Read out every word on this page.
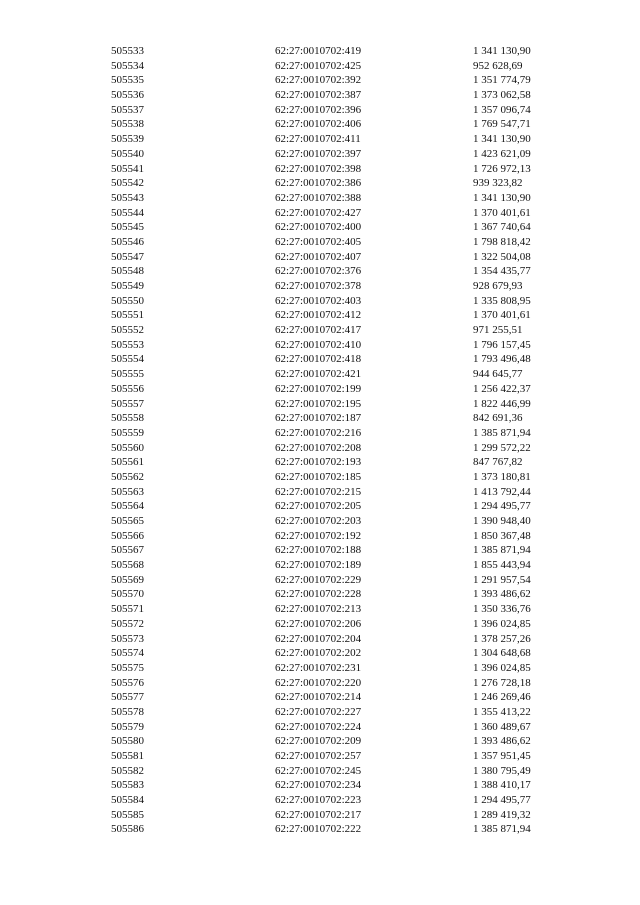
505533	62:27:0010702:419	1 341 130,90
505534	62:27:0010702:425	952 628,69
505535	62:27:0010702:392	1 351 774,79
505536	62:27:0010702:387	1 373 062,58
505537	62:27:0010702:396	1 357 096,74
505538	62:27:0010702:406	1 769 547,71
505539	62:27:0010702:411	1 341 130,90
505540	62:27:0010702:397	1 423 621,09
505541	62:27:0010702:398	1 726 972,13
505542	62:27:0010702:386	939 323,82
505543	62:27:0010702:388	1 341 130,90
505544	62:27:0010702:427	1 370 401,61
505545	62:27:0010702:400	1 367 740,64
505546	62:27:0010702:405	1 798 818,42
505547	62:27:0010702:407	1 322 504,08
505548	62:27:0010702:376	1 354 435,77
505549	62:27:0010702:378	928 679,93
505550	62:27:0010702:403	1 335 808,95
505551	62:27:0010702:412	1 370 401,61
505552	62:27:0010702:417	971 255,51
505553	62:27:0010702:410	1 796 157,45
505554	62:27:0010702:418	1 793 496,48
505555	62:27:0010702:421	944 645,77
505556	62:27:0010702:199	1 256 422,37
505557	62:27:0010702:195	1 822 446,99
505558	62:27:0010702:187	842 691,36
505559	62:27:0010702:216	1 385 871,94
505560	62:27:0010702:208	1 299 572,22
505561	62:27:0010702:193	847 767,82
505562	62:27:0010702:185	1 373 180,81
505563	62:27:0010702:215	1 413 792,44
505564	62:27:0010702:205	1 294 495,77
505565	62:27:0010702:203	1 390 948,40
505566	62:27:0010702:192	1 850 367,48
505567	62:27:0010702:188	1 385 871,94
505568	62:27:0010702:189	1 855 443,94
505569	62:27:0010702:229	1 291 957,54
505570	62:27:0010702:228	1 393 486,62
505571	62:27:0010702:213	1 350 336,76
505572	62:27:0010702:206	1 396 024,85
505573	62:27:0010702:204	1 378 257,26
505574	62:27:0010702:202	1 304 648,68
505575	62:27:0010702:231	1 396 024,85
505576	62:27:0010702:220	1 276 728,18
505577	62:27:0010702:214	1 246 269,46
505578	62:27:0010702:227	1 355 413,22
505579	62:27:0010702:224	1 360 489,67
505580	62:27:0010702:209	1 393 486,62
505581	62:27:0010702:257	1 357 951,45
505582	62:27:0010702:245	1 380 795,49
505583	62:27:0010702:234	1 388 410,17
505584	62:27:0010702:223	1 294 495,77
505585	62:27:0010702:217	1 289 419,32
505586	62:27:0010702:222	1 385 871,94
